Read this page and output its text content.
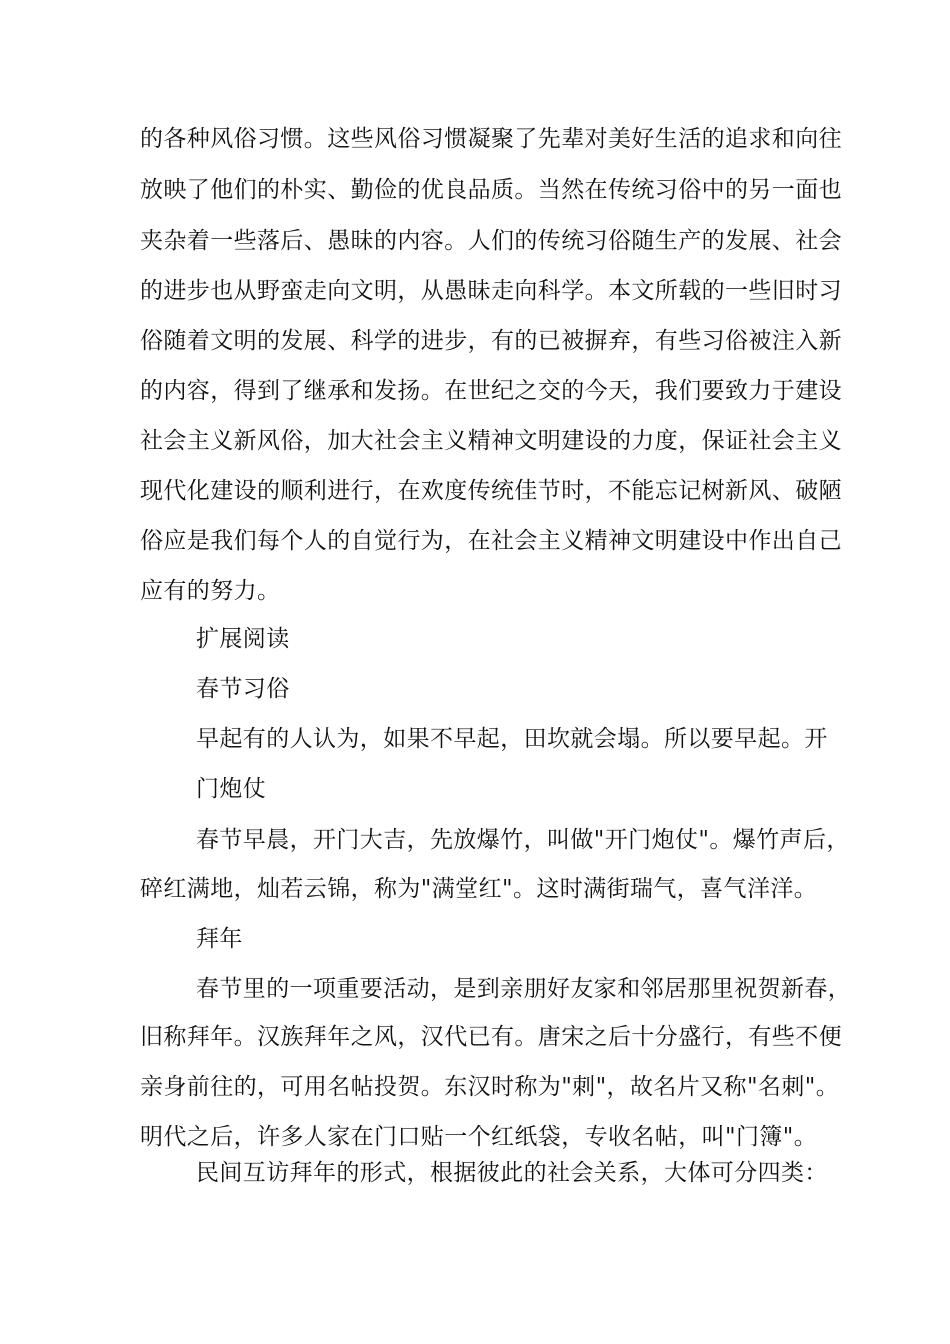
的各种风俗习惯。这些风俗习惯凝聚了先辈对美好生活的追求和向往
放映了他们的朴实、勤俭的优良品质。当然在传统习俗中的另一面也
夹杂着一些落后、愚昧的内容。人们的传统习俗随生产的发展、社会
的进步也从野蛮走向文明，从愚昧走向科学。本文所载的一些旧时习
俗随着文明的发展、科学的进步，有的已被摒弃，有些习俗被注入新
的内容，得到了继承和发扬。在世纪之交的今天，我们要致力于建设
社会主义新风俗，加大社会主义精神文明建设的力度，保证社会主义
现代化建设的顺利进行，在欢度传统佳节时，不能忘记树新风、破陋
俗应是我们每个人的自觉行为，在社会主义精神文明建设中作出自己
应有的努力。
扩展阅读
春节习俗
早起有的人认为，如果不早起，田坎就会塌。所以要早起。开
门炮仗
春节早晨，开门大吉，先放爆竹，叫做"开门炮仗"。爆竹声后，
碎红满地，灿若云锦，称为"满堂红"。这时满街瑞气，喜气洋洋。
拜年
春节里的一项重要活动，是到亲朋好友家和邻居那里祝贺新春，
旧称拜年。汉族拜年之风，汉代已有。唐宋之后十分盛行，有些不便
亲身前往的，可用名帖投贺。东汉时称为"刺"，故名片又称"名刺"。
明代之后，许多人家在门口贴一个红纸袋，专收名帖，叫"门簿"。
民间互访拜年的形式，根据彼此的社会关系，大体可分四类：
